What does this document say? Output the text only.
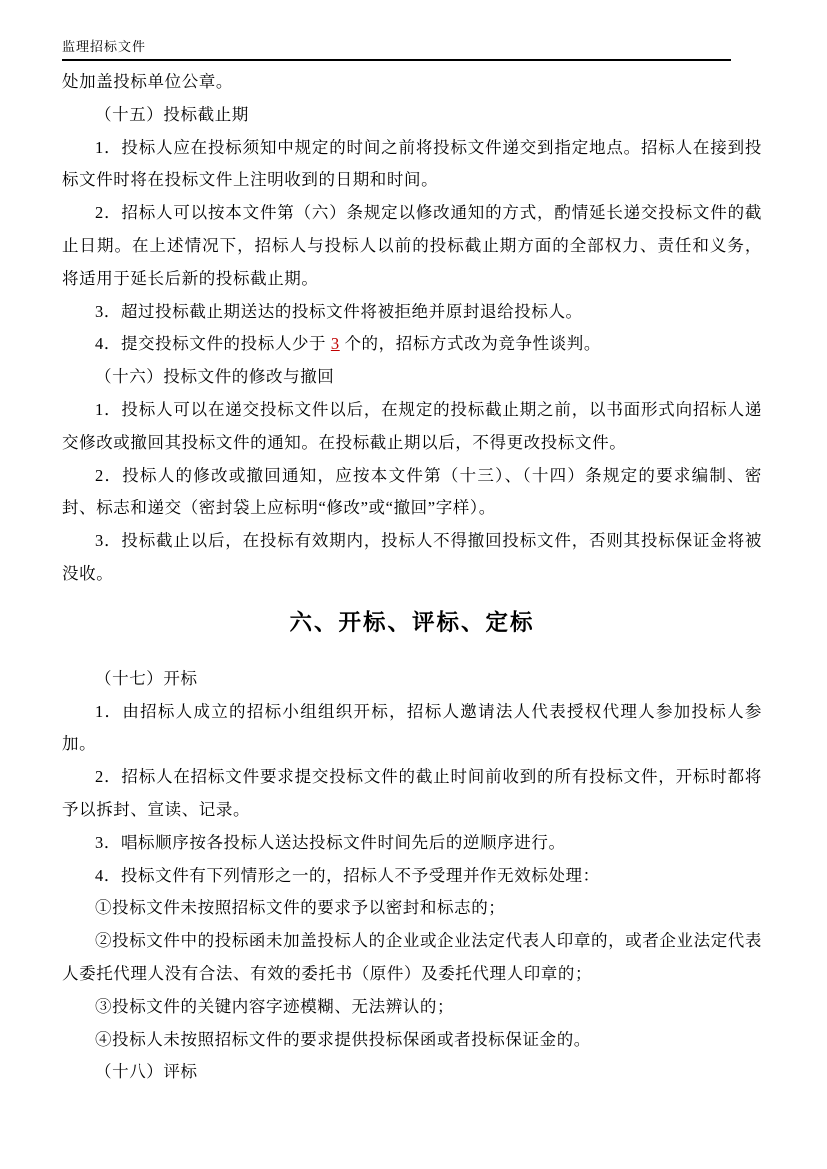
监理招标文件

处加盖投标单位公章。

（十五）投标截止期

1．投标人应在投标须知中规定的时间之前将投标文件递交到指定地点。招标人在接到投标文件时将在投标文件上注明收到的日期和时间。

2．招标人可以按本文件第（六）条规定以修改通知的方式，酌情延长递交投标文件的截止日期。在上述情况下，招标人与投标人以前的投标截止期方面的全部权力、责任和义务，将适用于延长后新的投标截止期。

3．超过投标截止期送达的投标文件将被拒绝并原封退给投标人。

4．提交投标文件的投标人少于 3 个的，招标方式改为竞争性谈判。

（十六）投标文件的修改与撤回

1．投标人可以在递交投标文件以后，在规定的投标截止期之前，以书面形式向招标人递交修改或撤回其投标文件的通知。在投标截止期以后，不得更改投标文件。

2．投标人的修改或撤回通知，应按本文件第（十三）、（十四）条规定的要求编制、密封、标志和递交（密封袋上应标明“修改”或“撤回”字样）。

3．投标截止以后，在投标有效期内，投标人不得撤回投标文件，否则其投标保证金将被没收。

六、开标、评标、定标

（十七）开标

1．由招标人成立的招标小组组织开标，招标人邀请法人代表授权代理人参加投标人参加。

2．招标人在招标文件要求提交投标文件的截止时间前收到的所有投标文件，开标时都将予以拆封、宣读、记录。

3．唱标顺序按各投标人送达投标文件时间先后的逆顺序进行。

4．投标文件有下列情形之一的，招标人不予受理并作无效标处理：

①投标文件未按照招标文件的要求予以密封和标志的；

②投标文件中的投标函未加盖投标人的企业或企业法定代表人印章的，或者企业法定代表人委托代理人没有合法、有效的委托书（原件）及委托代理人印章的；

③投标文件的关键内容字迹模糊、无法辨认的；

④投标人未按照招标文件的要求提供投标保函或者投标保证金的。

（十八）评标
